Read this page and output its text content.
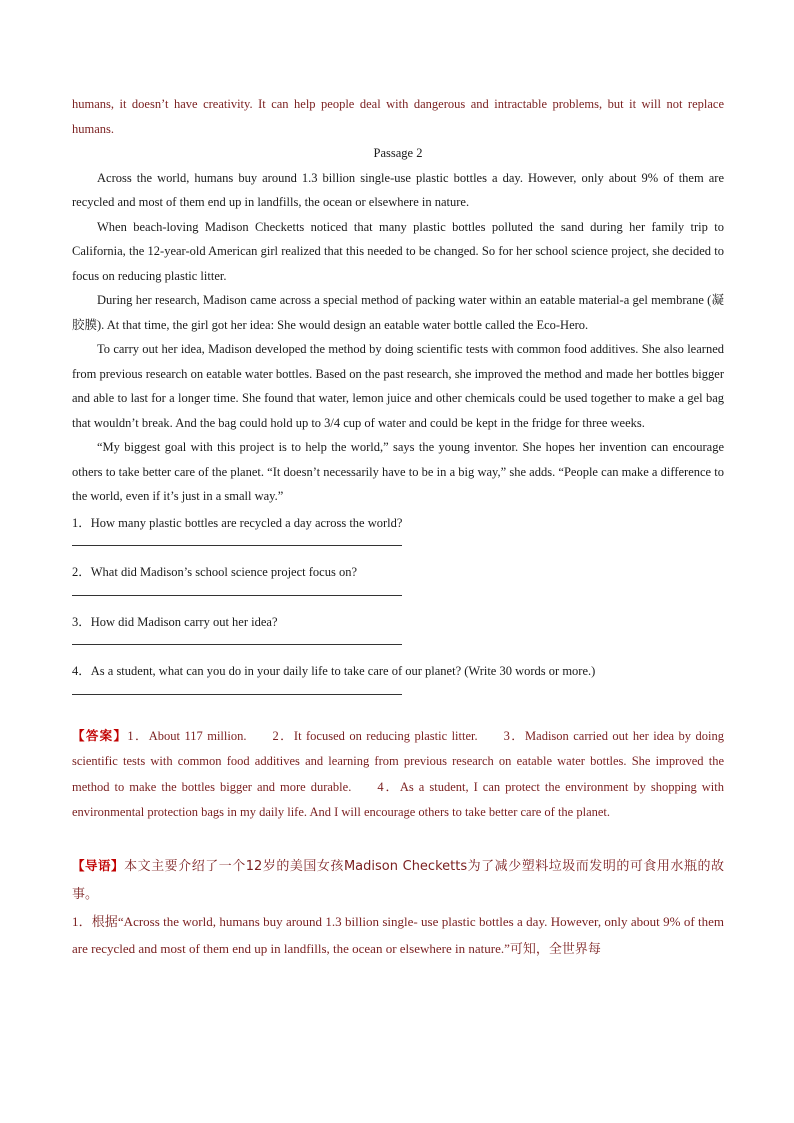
humans, it doesn’t have creativity. It can help people deal with dangerous and intractable problems, but it will not replace humans.

Passage 2

Across the world, humans buy around 1.3 billion single-use plastic bottles a day. However, only about 9% of them are recycled and most of them end up in landfills, the ocean or elsewhere in nature.

When beach-loving Madison Checketts noticed that many plastic bottles polluted the sand during her family trip to California, the 12-year-old American girl realized that this needed to be changed. So for her school science project, she decided to focus on reducing plastic litter.

During her research, Madison came across a special method of packing water within an eatable material-a gel membrane (凝胶膜). At that time, the girl got her idea: She would design an eatable water bottle called the Eco-Hero.

To carry out her idea, Madison developed the method by doing scientific tests with common food additives. She also learned from previous research on eatable water bottles. Based on the past research, she improved the method and made her bottles bigger and able to last for a longer time. She found that water, lemon juice and other chemicals could be used together to make a gel bag that wouldn’t break. And the bag could hold up to 3/4 cup of water and could be kept in the fridge for three weeks.

“My biggest goal with this project is to help the world,” says the young inventor. She hopes her invention can encourage others to take better care of the planet. “It doesn’t necessarily have to be in a big way,” she adds. “People can make a difference to the world, even if it’s just in a small way.”

1．How many plastic bottles are recycled a day across the world?

2．What did Madison’s school science project focus on?

3．How did Madison carry out her idea?

4．As a student, what can you do in your daily life to take care of our planet? (Write 30 words or more.)

【答案】1．About 117 million. 2．It focused on reducing plastic litter. 3．Madison carried out her idea by doing scientific tests with common food additives and learning from previous research on eatable water bottles. She improved the method to make the bottles bigger and more durable. 4．As a student, I can protect the environment by shopping with environmental protection bags in my daily life. And I will encourage others to take better care of the planet.

【导语】本文主要介绍了一个12岁的美国女孩Madison Checketts为了减少塑料垃圾而发明的可食用水瓶的故事。
1．根据“Across the world, humans buy around 1.3 billion single- use plastic bottles a day. However, only about 9% of them are recycled and most of them end up in landfills, the ocean or elsewhere in nature.”可知，全世界每
